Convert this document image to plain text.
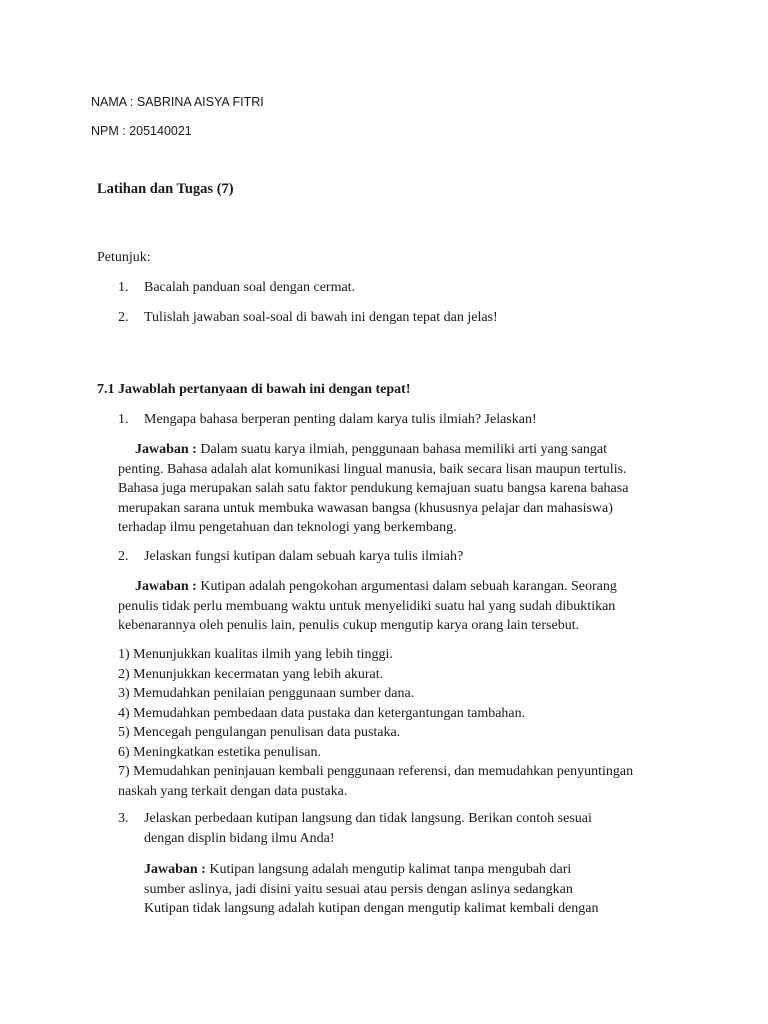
NAMA : SABRINA AISYA FITRI
NPM : 205140021
Latihan dan Tugas (7)
Petunjuk:
1. Bacalah panduan soal dengan cermat.
2. Tulislah jawaban soal-soal di bawah ini dengan tepat dan jelas!
7.1 Jawablah pertanyaan di bawah ini dengan tepat!
1. Mengapa bahasa berperan penting dalam karya tulis ilmiah? Jelaskan!
Jawaban : Dalam suatu karya ilmiah, penggunaan bahasa memiliki arti yang sangat
penting. Bahasa adalah alat komunikasi lingual manusia, baik secara lisan maupun tertulis.
Bahasa juga merupakan salah satu faktor pendukung kemajuan suatu bangsa karena bahasa
merupakan sarana untuk membuka wawasan bangsa (khususnya pelajar dan mahasiswa)
terhadap ilmu pengetahuan dan teknologi yang berkembang.
2. Jelaskan fungsi kutipan dalam sebuah karya tulis ilmiah?
Jawaban : Kutipan adalah pengokohan argumentasi dalam sebuah karangan. Seorang
penulis tidak perlu membuang waktu untuk menyelidiki suatu hal yang sudah dibuktikan
kebenarannya oleh penulis lain, penulis cukup mengutip karya orang lain tersebut.
1) Menunjukkan kualitas ilmih yang lebih tinggi.
2) Menunjukkan kecermatan yang lebih akurat.
3) Memudahkan penilaian penggunaan sumber dana.
4) Memudahkan pembedaan data pustaka dan ketergantungan tambahan.
5) Mencegah pengulangan penulisan data pustaka.
6) Meningkatkan estetika penulisan.
7) Memudahkan peninjauan kembali penggunaan referensi, dan memudahkan penyuntingan
naskah yang terkait dengan data pustaka.
3. Jelaskan perbedaan kutipan langsung dan tidak langsung. Berikan contoh sesuai
dengan displin bidang ilmu Anda!
Jawaban : Kutipan langsung adalah mengutip kalimat tanpa mengubah dari
sumber aslinya, jadi disini yaitu sesuai atau persis dengan aslinya sedangkan
Kutipan tidak langsung adalah kutipan dengan mengutip kalimat kembali dengan
